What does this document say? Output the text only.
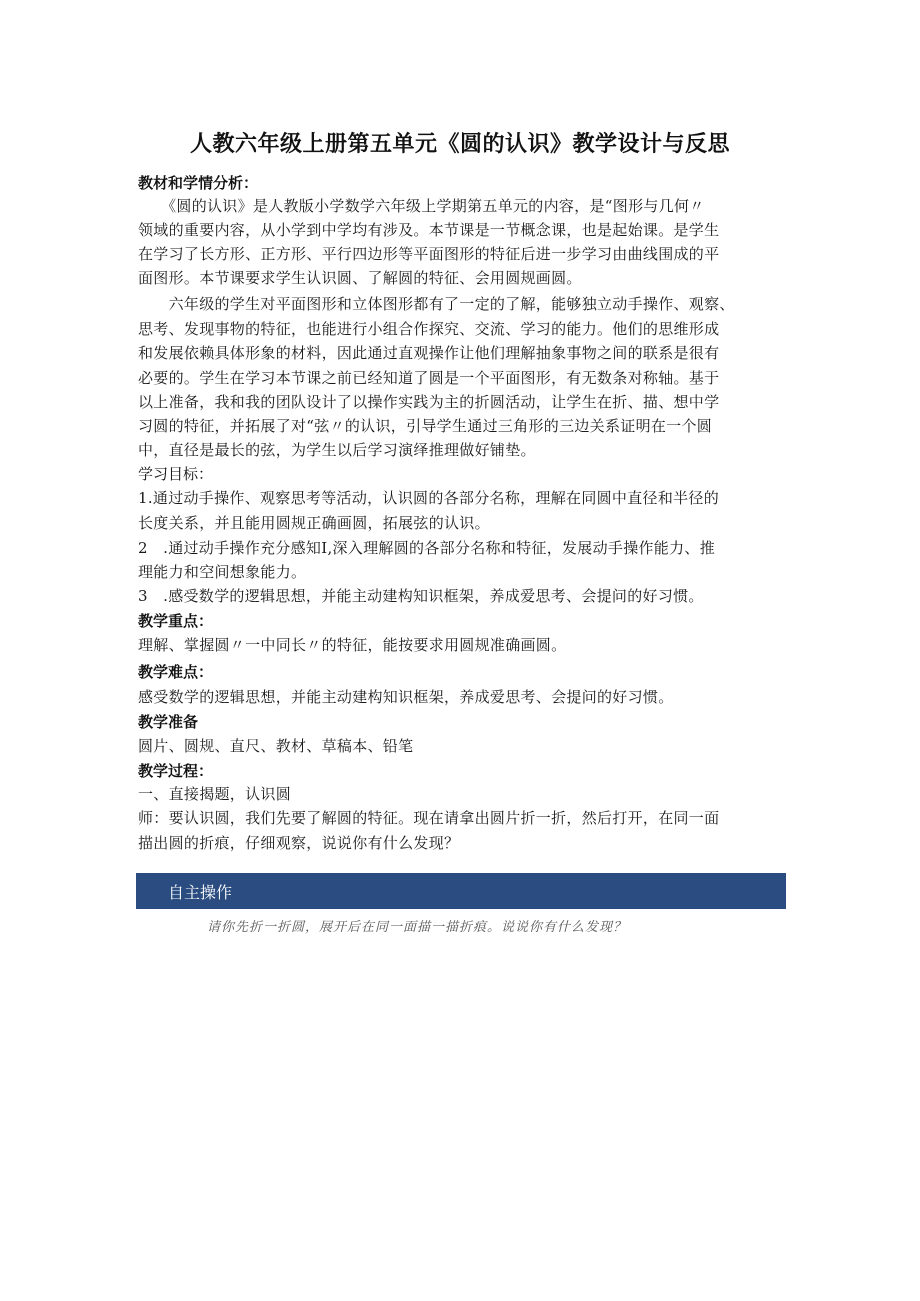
人教六年级上册第五单元《圆的认识》教学设计与反思
教材和学情分析：
　　《圆的认识》是人教版小学数学六年级上学期第五单元的内容，是“图形与几何〃
领域的重要内容，从小学到中学均有涉及。本节课是一节概念课，也是起始课。是学生
在学习了长方形、正方形、平行四边形等平面图形的特征后进一步学习由曲线围成的平
面图形。本节课要求学生认识圆、了解圆的特征、会用圆规画圆。
　　六年级的学生对平面图形和立体图形都有了一定的了解，能够独立动手操作、观察、
思考、发现事物的特征，也能进行小组合作探究、交流、学习的能力。他们的思维形成
和发展依赖具体形象的材料，因此通过直观操作让他们理解抽象事物之间的联系是很有
必要的。学生在学习本节课之前已经知道了圆是一个平面图形，有无数条对称轴。基于
以上准备，我和我的团队设计了以操作实践为主的折圆活动，让学生在折、描、想中学
习圆的特征，并拓展了对“弦〃的认识，引导学生通过三角形的三边关系证明在一个圆
中，直径是最长的弦，为学生以后学习演绎推理做好铺垫。
学习目标：
1.通过动手操作、观察思考等活动，认识圆的各部分名称，理解在同圆中直径和半径的
长度关系，并且能用圆规正确画圆，拓展弦的认识。
2　.通过动手操作充分感知I,深入理解圆的各部分名称和特征，发展动手操作能力、推
理能力和空间想象能力。
3　.感受数学的逻辑思想，并能主动建构知识框架，养成爱思考、会提问的好习惯。
教学重点：
理解、掌握圆〃一中同长〃的特征，能按要求用圆规准确画圆。
教学难点：
感受数学的逻辑思想，并能主动建构知识框架，养成爱思考、会提问的好习惯。
教学准备
圆片、圆规、直尺、教材、草稿本、铅笔
教学过程：
一、直接揭题，认识圆
师：要认识圆，我们先要了解圆的特征。现在请拿出圆片折一折，然后打开，在同一面
描出圆的折痕，仔细观察，说说你有什么发现？
自主操作
请你先折一折圆，展开后在同一面描一描折痕。说说你有什么发现？
